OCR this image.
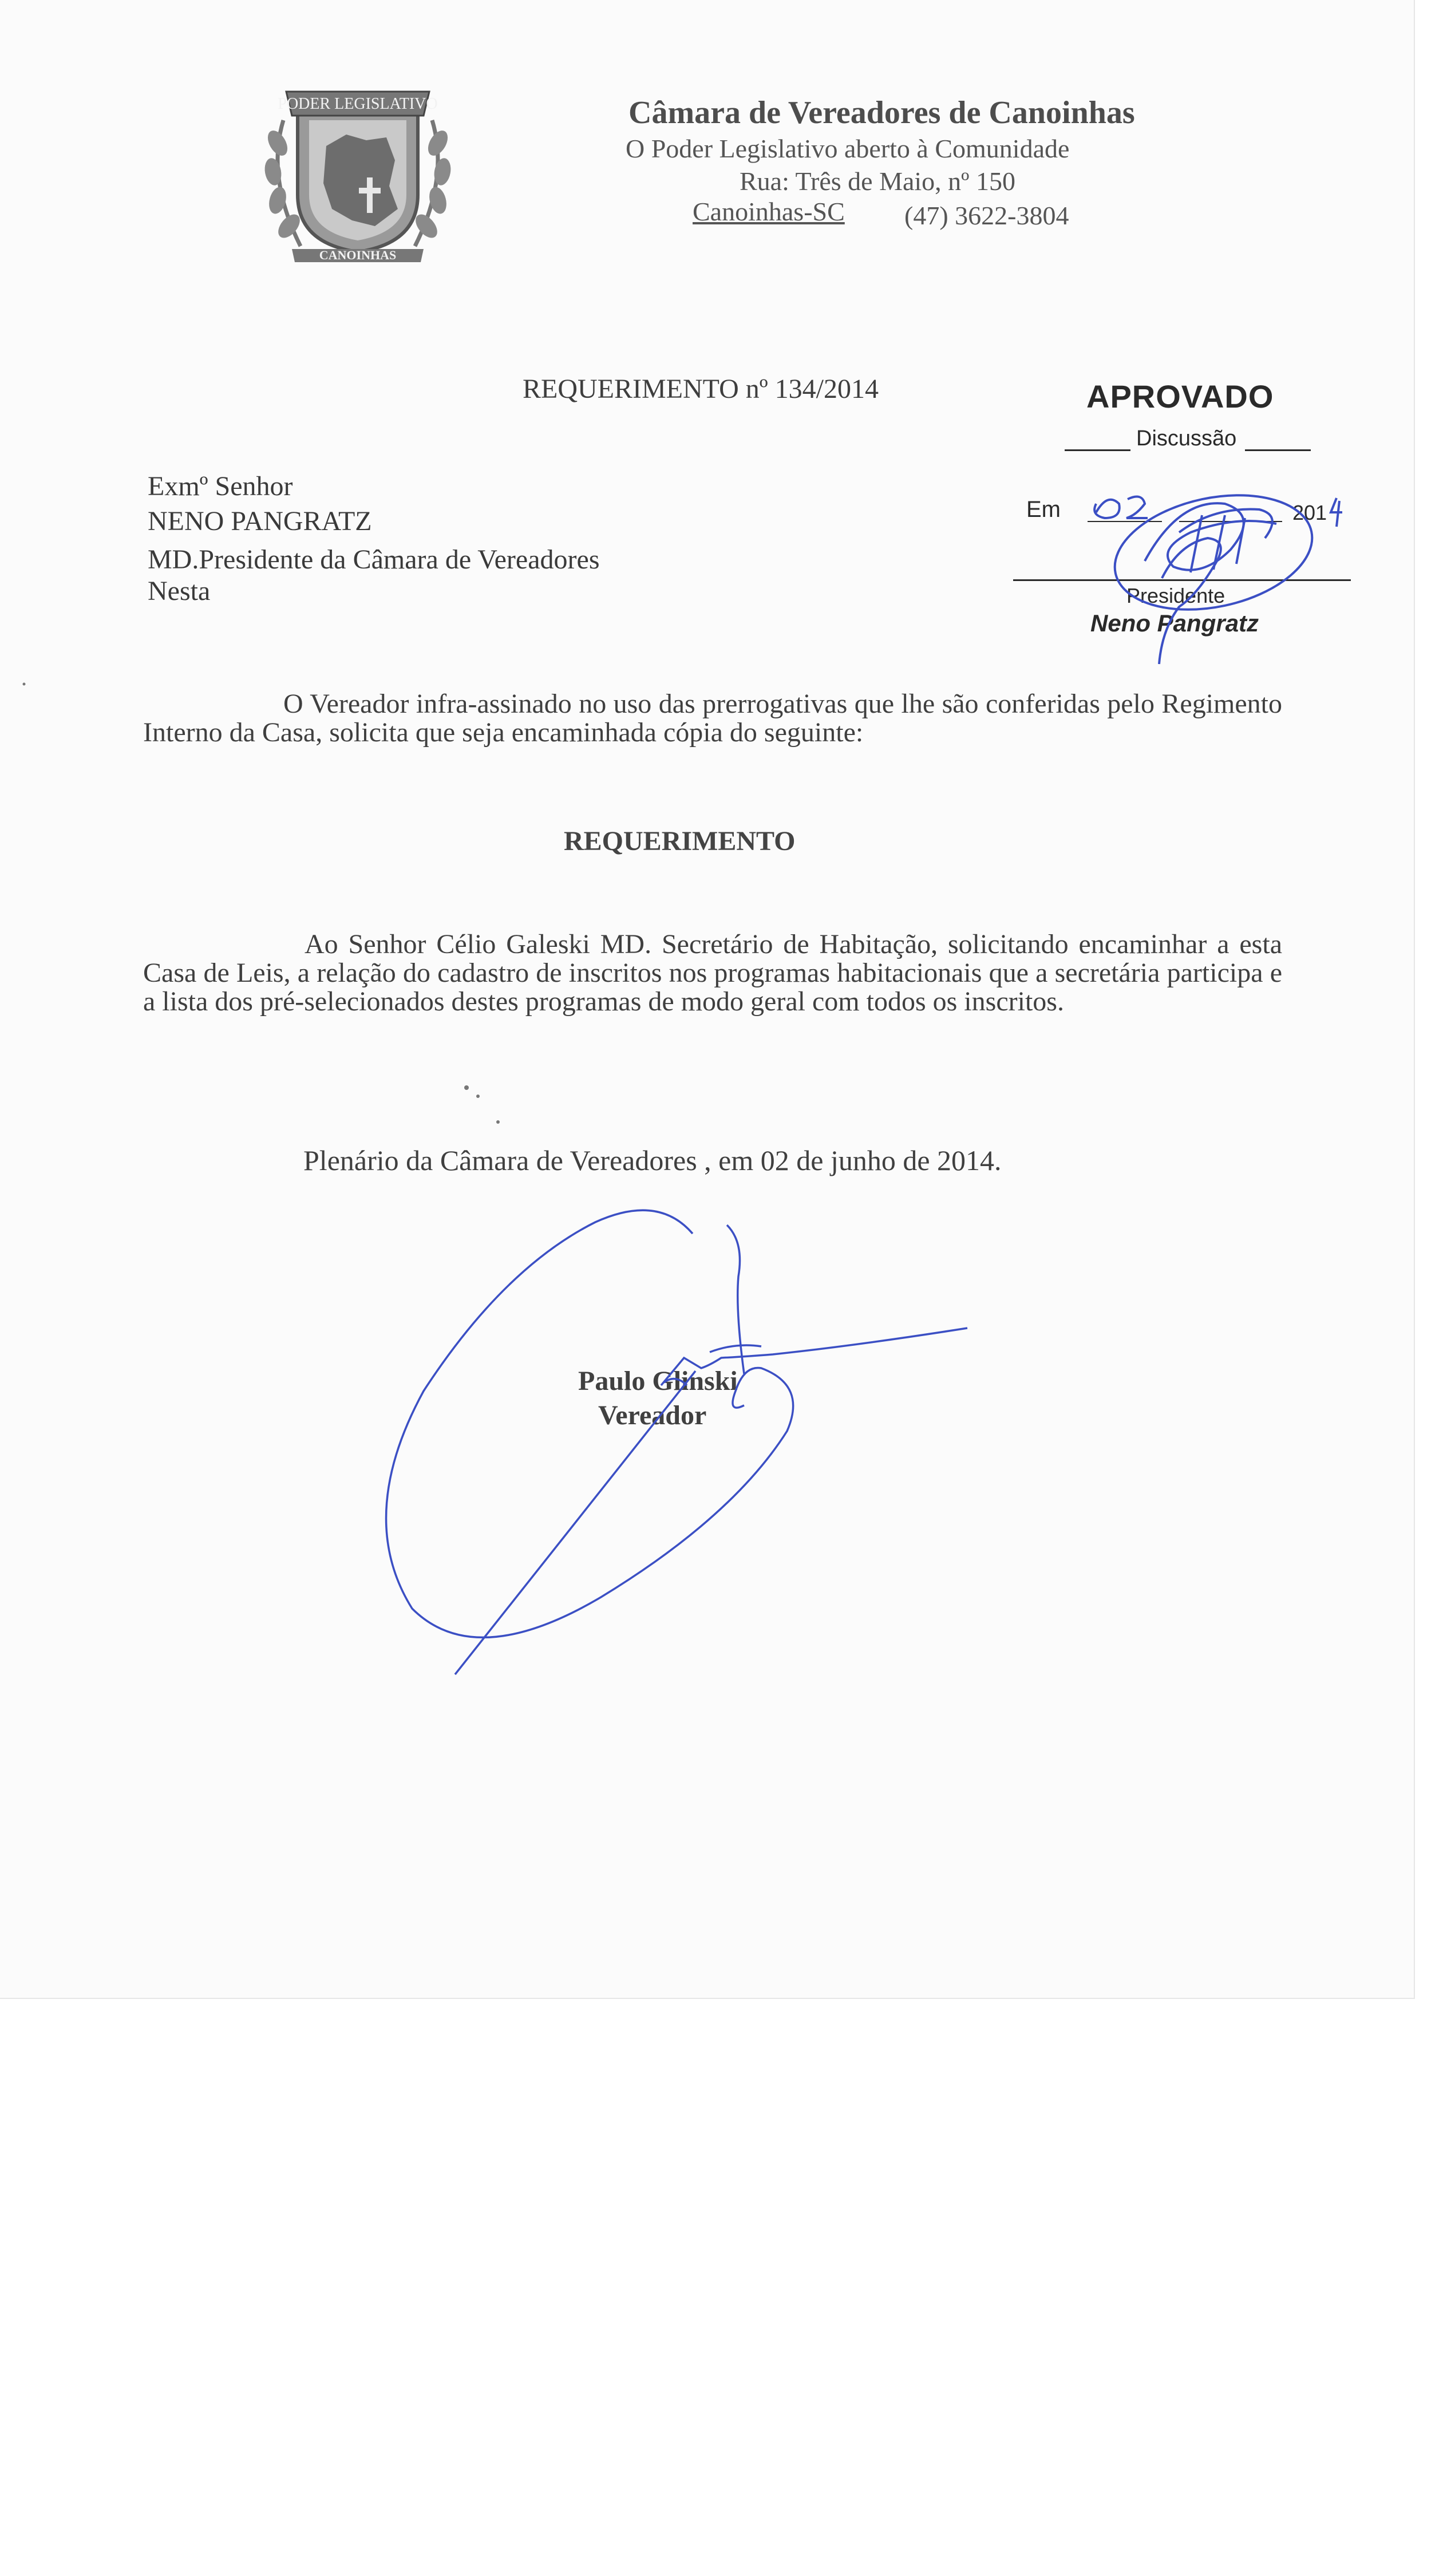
Câmara de Vereadores de Canoinhas
O Poder Legislativo aberto à Comunidade
Rua: Três de Maio, nº 150
Canoinhas-SC (47) 3622-3804
REQUERIMENTO nº 134/2014	APROVADO
Discussão
Em	201
Presidente
Neno Pangratz
Exmº Senhor
NENO PANGRATZ
MD.Presidente da Câmara de Vereadores
Nesta
O Vereador infra-assinado no uso das prerrogativas que lhe são conferidas pelo Regimento Interno da Casa, solicita que seja encaminhada cópia do seguinte:
REQUERIMENTO
Ao Senhor Célio Galeski MD. Secretário de Habitação, solicitando encaminhar a esta Casa de Leis, a relação do cadastro de inscritos nos programas habitacionais que a secretária participa e a lista dos pré-selecionados destes programas de modo geral com todos os inscritos.
Plenário da Câmara de Vereadores , em 02 de junho de 2014.
Paulo Glinski
Vereador
PODER LEGISLATIVO
CANOINHAS
